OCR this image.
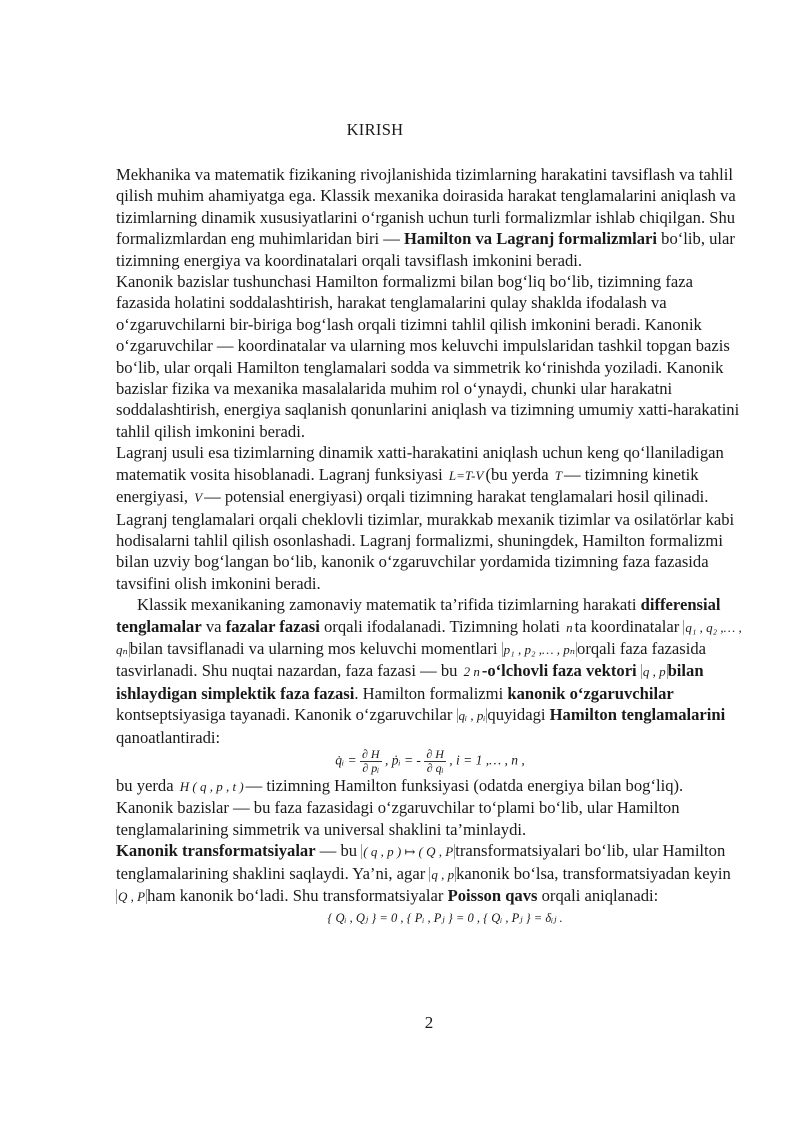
KIRISH

Mekhanika va matematik fizikaning rivojlanishida tizimlarning harakatini tavsiflash va tahlil qilish muhim ahamiyatga ega. Klassik mexanika doirasida harakat tenglamalarini aniqlash va tizimlarning dinamik xususiyatlarini o‘rganish uchun turli formalizmlar ishlab chiqilgan. Shu formalizmlardan eng muhimlaridan biri — Hamilton va Lagranj formalizmlari bo‘lib, ular tizimning energiya va koordinatalari orqali tavsiflash imkonini beradi.

Kanonik bazislar tushunchasi Hamilton formalizmi bilan bog‘liq bo‘lib, tizimning faza fazasida holatini soddalashtirish, harakat tenglamalarini qulay shaklda ifodalash va o‘zgaruvchilarni bir-biriga bog‘lash orqali tizimni tahlil qilish imkonini beradi. Kanonik o‘zgaruvchilar — koordinatalar va ularning mos keluvchi impulslaridan tashkil topgan bazis bo‘lib, ular orqali Hamilton tenglamalari sodda va simmetrik ko‘rinishda yoziladi. Kanonik bazislar fizika va mexanika masalalarida muhim rol o‘ynaydi, chunki ular harakatni soddalashtirish, energiya saqlanish qonunlarini aniqlash va tizimning umumiy xatti-harakatini tahlil qilish imkonini beradi.

Lagranj usuli esa tizimlarning dinamik xatti-harakatini aniqlash uchun keng qo‘llaniladigan matematik vosita hisoblanadi. Lagranj funksiyasi L=T-V (bu yerda T — tizimning kinetik energiyasi, V — potensial energiyasi) orqali tizimning harakat tenglamalari hosil qilinadi. Lagranj tenglamalari orqali cheklovli tizimlar, murakkab mexanik tizimlar va osilatörlar kabi hodisalarni tahlil qilish osonlashadi. Lagranj formalizmi, shuningdek, Hamilton formalizmi bilan uzviy bog‘langan bo‘lib, kanonik o‘zgaruvchilar yordamida tizimning faza fazasida tavsifini olish imkonini beradi.

Klassik mexanikaning zamonaviy matematik ta’rifida tizimlarning harakati differensial tenglamalar va fazalar fazasi orqali ifodalanadi. Tizimning holati n ta koordinatalar q₁ , q₂ ,… , qₙ bilan tavsiflanadi va ularning mos keluvchi momentlari p₁ , p₂ ,… , pₙ orqali faza fazasida tasvirlanadi. Shu nuqtai nazardan, faza fazasi — bu 2 n -o‘lchovli faza vektori q , p bilan ishlaydigan simplektik faza fazasi. Hamilton formalizmi kanonik o‘zgaruvchilar kontseptsiyasiga tayanadi. Kanonik o‘zgaruvchilar qᵢ , pᵢ quyidagi Hamilton tenglamalarini qanoatlantiradi:

q̇ᵢ = $\frac{\partial H}{\text{∂ pᵢ}}$ , ṗᵢ = - $\frac{\partial H}{\text{∂ qᵢ}}$ , i = 1 ,… , n ,

bu yerda H ( q , p , t ) — tizimning Hamilton funksiyasi (odatda energiya bilan bog‘liq). Kanonik bazislar — bu faza fazasidagi o‘zgaruvchilar to‘plami bo‘lib, ular Hamilton tenglamalarining simmetrik va universal shaklini ta’minlaydi.

Kanonik transformatsiyalar — bu ( q , p ) ↦ ( Q , P transformatsiyalari bo‘lib, ular Hamilton tenglamalarining shaklini saqlaydi. Ya’ni, agar q , p kanonik bo‘lsa, transformatsiyadan keyin Q , P ham kanonik bo‘ladi. Shu transformatsiyalar Poisson qavs orqali aniqlanadi:

{ Qᵢ , Qⱼ } = 0 , { Pᵢ , Pⱼ } = 0 , { Qᵢ , Pⱼ } = δᵢⱼ .
2
